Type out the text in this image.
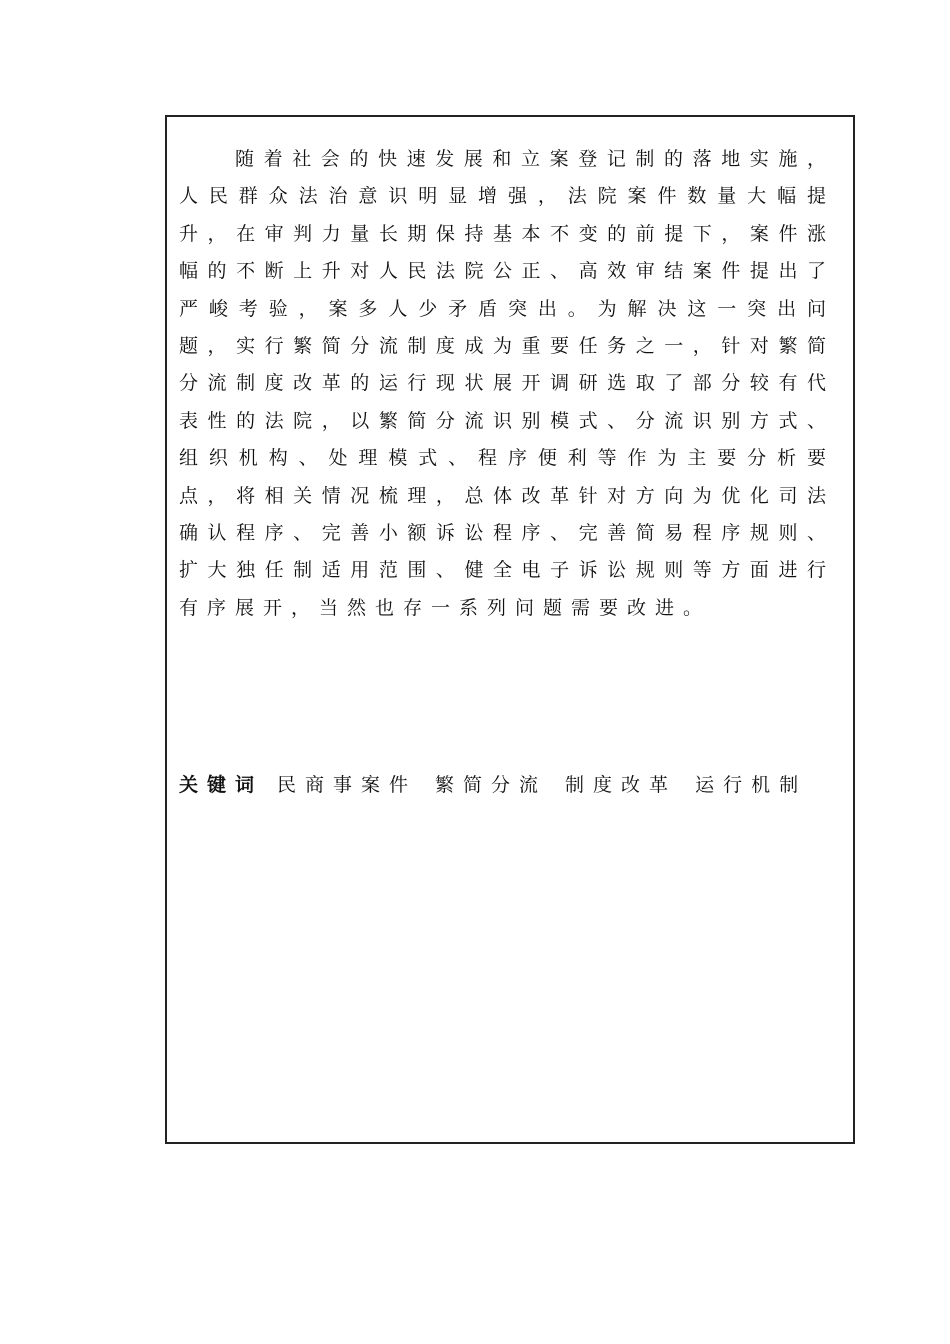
随着社会的快速发展和立案登记制的落地实施，人民群众法治意识明显增强，法院案件数量大幅提升，在审判力量长期保持基本不变的前提下，案件涨幅的不断上升对人民法院公正、高效审结案件提出了严峻考验，案多人少矛盾突出。为解决这一突出问题，实行繁简分流制度成为重要任务之一，针对繁简分流制度改革的运行现状展开调研选取了部分较有代表性的法院，以繁简分流识别模式、分流识别方式、组织机构、处理模式、程序便利等作为主要分析要点，将相关情况梳理，总体改革针对方向为优化司法确认程序、完善小额诉讼程序、完善简易程序规则、扩大独任制适用范围、健全电子诉讼规则等方面进行有序展开，当然也存一系列问题需要改进。

关键词 民商事案件 繁简分流 制度改革 运行机制
